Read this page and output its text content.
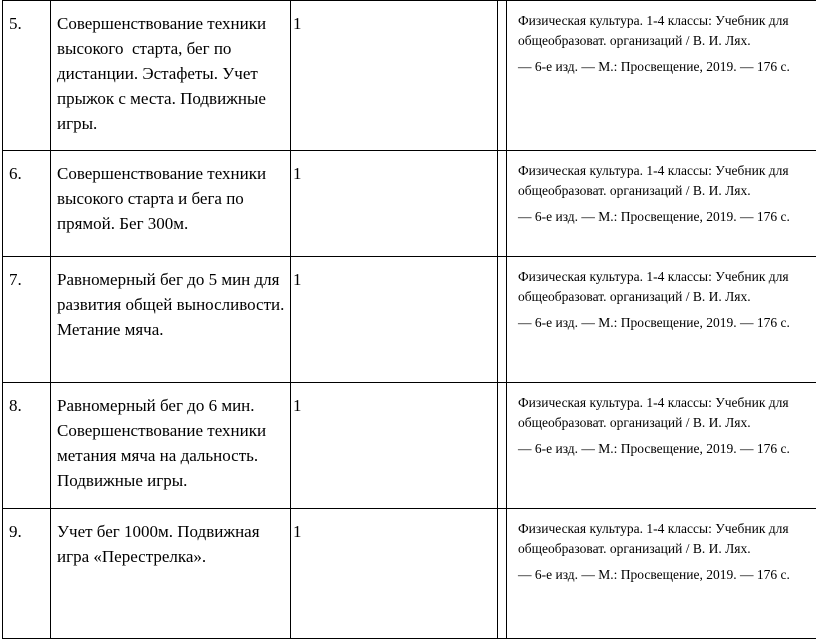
5.	Совершенствование техники высокого  старта, бег по дистанции. Эстафеты. Учет прыжок с места. Подвижные игры.	1		Физическая культура. 1-4 классы: Учебник для общеобразоват. организаций / В. И. Лях.
— 6-е изд. — М.: Просвещение, 2019. — 176 с.

6.	Совершенствование техники высокого старта и бега по прямой. Бег 300м.	1		Физическая культура. 1-4 классы: Учебник для общеобразоват. организаций / В. И. Лях.
— 6-е изд. — М.: Просвещение, 2019. — 176 с.

7.	Равномерный бег до 5 мин для развития общей выносливости. Метание мяча.	1		Физическая культура. 1-4 классы: Учебник для общеобразоват. организаций / В. И. Лях.
— 6-е изд. — М.: Просвещение, 2019. — 176 с.

8.	Равномерный бег до 6 мин. Совершенствование техники метания мяча на дальность. Подвижные игры.	1		Физическая культура. 1-4 классы: Учебник для общеобразоват. организаций / В. И. Лях.
— 6-е изд. — М.: Просвещение, 2019. — 176 с.

9.	Учет бег 1000м. Подвижная игра «Перестрелка».	1		Физическая культура. 1-4 классы: Учебник для общеобразоват. организаций / В. И. Лях.
— 6-е изд. — М.: Просвещение, 2019. — 176 с.
